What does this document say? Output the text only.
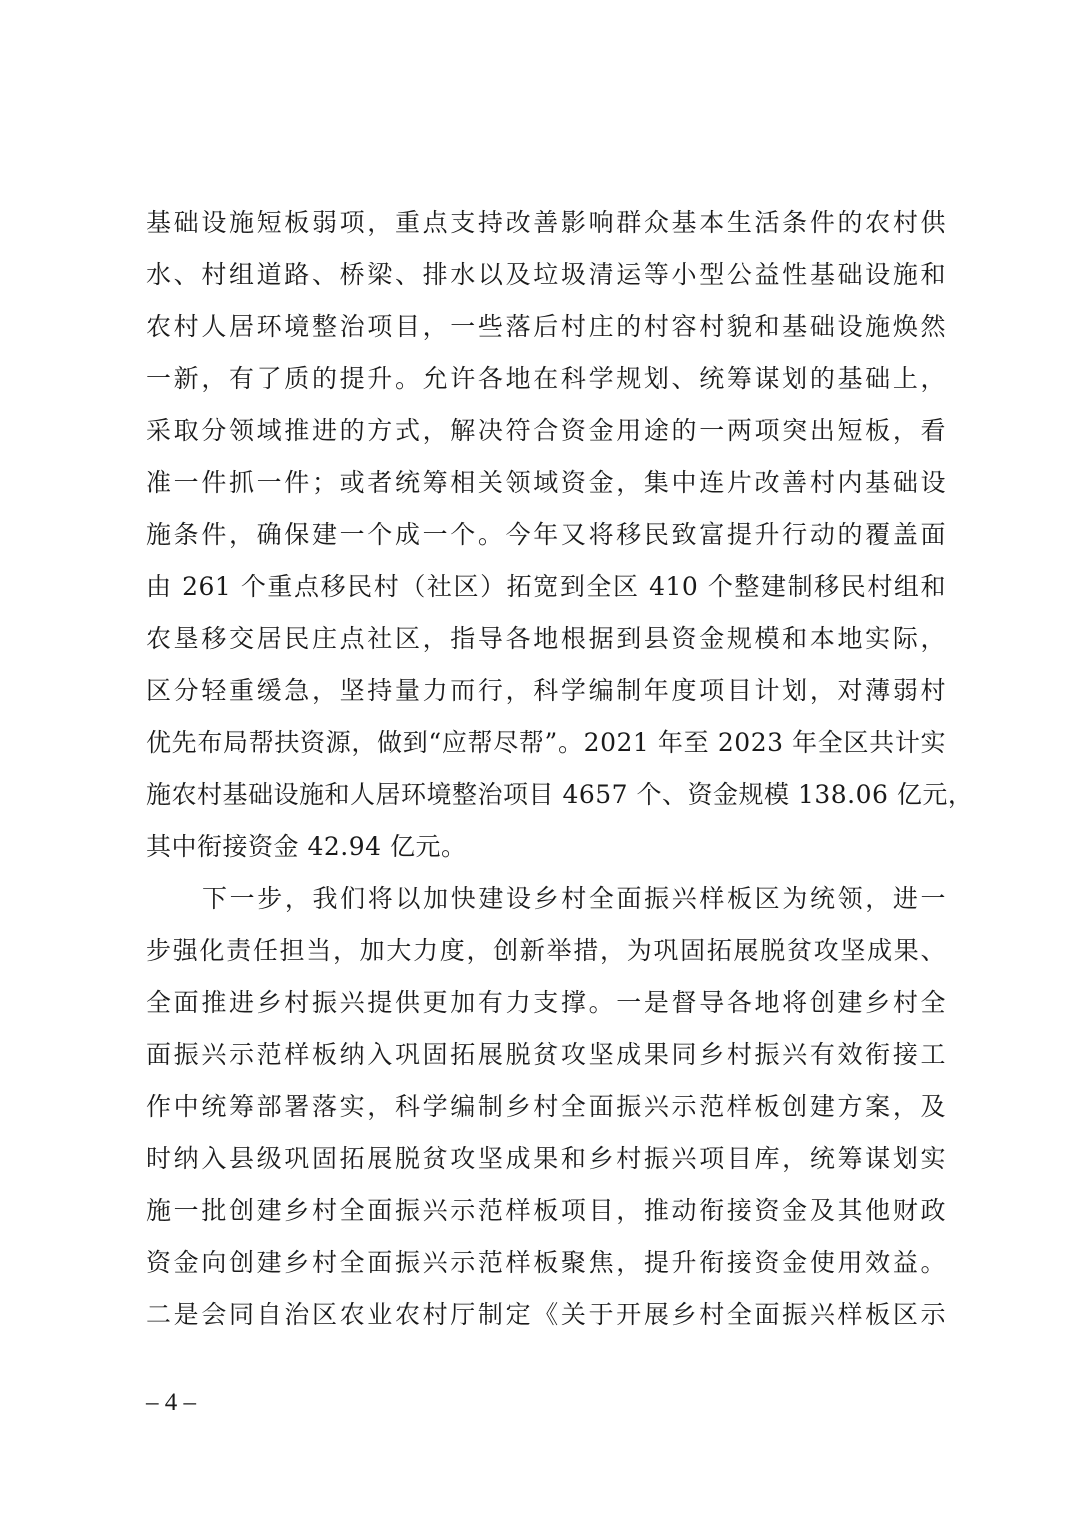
基础设施短板弱项，重点支持改善影响群众基本生活条件的农村供
水、村组道路、桥梁、排水以及垃圾清运等小型公益性基础设施和
农村人居环境整治项目，一些落后村庄的村容村貌和基础设施焕然
一新，有了质的提升。允许各地在科学规划、统筹谋划的基础上，
采取分领域推进的方式，解决符合资金用途的一两项突出短板，看
准一件抓一件；或者统筹相关领域资金，集中连片改善村内基础设
施条件，确保建一个成一个。今年又将移民致富提升行动的覆盖面
由 261 个重点移民村（社区）拓宽到全区 410 个整建制移民村组和
农垦移交居民庄点社区，指导各地根据到县资金规模和本地实际，
区分轻重缓急，坚持量力而行，科学编制年度项目计划，对薄弱村
优先布局帮扶资源，做到“应帮尽帮”。2021 年至 2023 年全区共计实
施农村基础设施和人居环境整治项目 4657 个、资金规模 138.06 亿元，
其中衔接资金 42.94 亿元。
下一步，我们将以加快建设乡村全面振兴样板区为统领，进一
步强化责任担当，加大力度，创新举措，为巩固拓展脱贫攻坚成果、
全面推进乡村振兴提供更加有力支撑。一是督导各地将创建乡村全
面振兴示范样板纳入巩固拓展脱贫攻坚成果同乡村振兴有效衔接工
作中统筹部署落实，科学编制乡村全面振兴示范样板创建方案，及
时纳入县级巩固拓展脱贫攻坚成果和乡村振兴项目库，统筹谋划实
施一批创建乡村全面振兴示范样板项目，推动衔接资金及其他财政
资金向创建乡村全面振兴示范样板聚焦，提升衔接资金使用效益。
二是会同自治区农业农村厅制定《关于开展乡村全面振兴样板区示
– 4 –
